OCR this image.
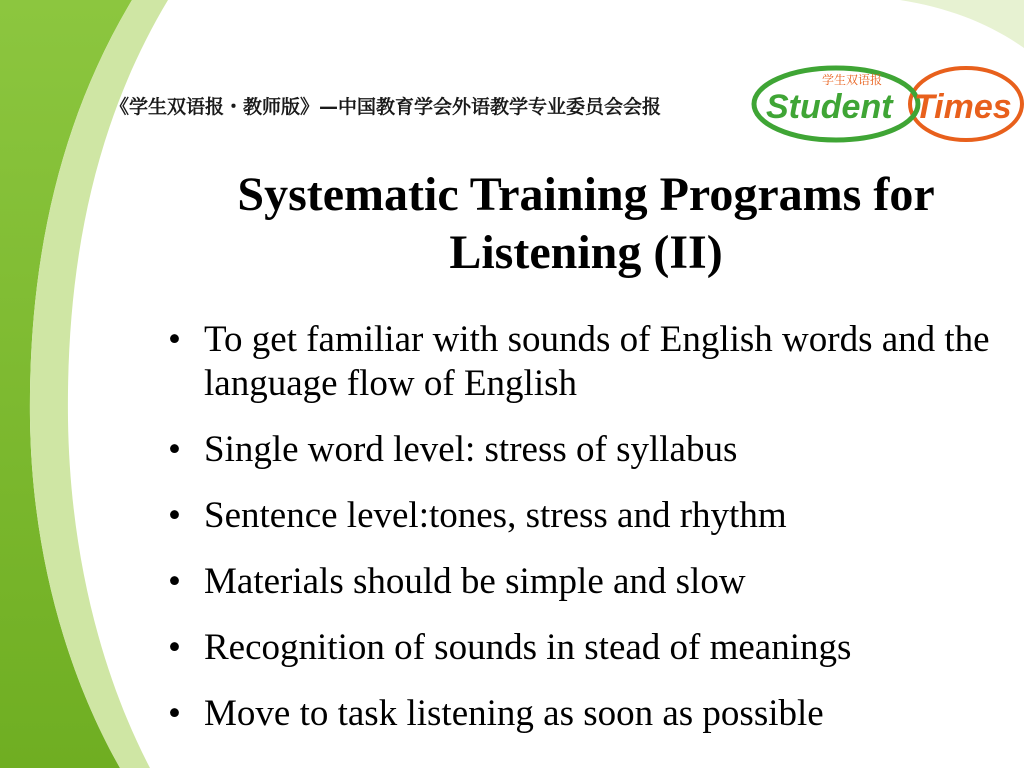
《学生双语报・教师版》—中国教育学会外语教学专业委员会会报
学生双语报
Student Times
Systematic Training Programs for
Listening (II)
• To get familiar with sounds of English words and the language flow of English
• Single word level: stress of syllabus
• Sentence level:tones, stress and rhythm
• Materials should be simple and slow
• Recognition of sounds in stead of meanings
• Move to task listening as soon as possible
